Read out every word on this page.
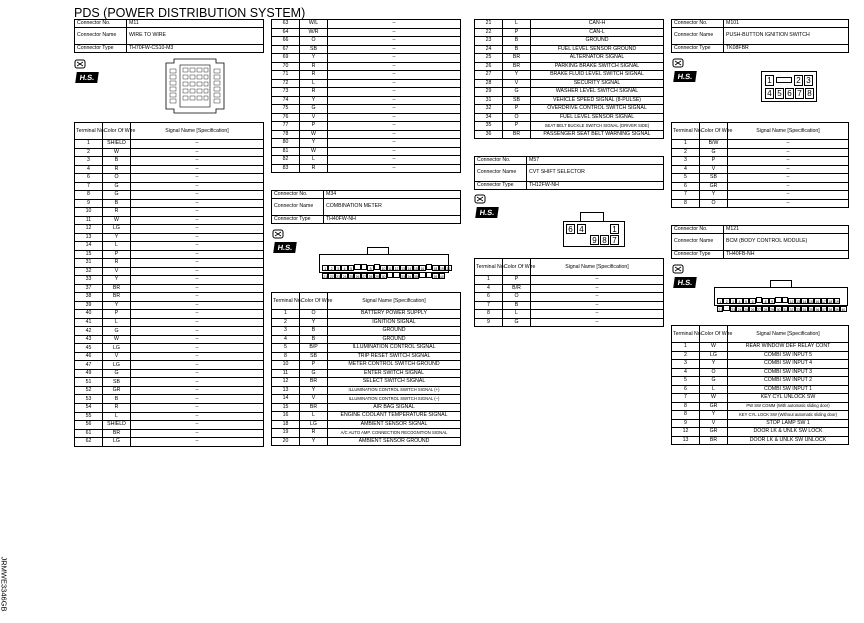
PDS (POWER DISTRIBUTION SYSTEM)
JRMWE3346GB
Connector No.	M11
Connector Name	WIRE TO WIRE
Connector Type	TH70FW-CS10-M3
H.S.
Terminal No.	Color Of Wire	Signal Name [Specification]
1	SHIELD	–
2	W	–
3	B	–
4	R	–
6	O	–
7	G	–
8	G	–
9	B	–
10	R	–
11	W	–
12	LG	–
13	Y	–
14	L	–
15	P	–
31	R	–
32	V	–
33	Y	–
37	BR	–
38	BR	–
39	Y	–
40	P	–
41	L	–
42	G	–
43	W	–
45	LG	–
46	V	–
47	LG	–
49	G	–
51	SB	–
52	GR	–
53	B	–
54	R	–
55	L	–
56	SHIELD	–
61	BR	–
62	LG	–
63	W/L	–
64	W/R	–
66	O	–
67	SB	–
69	Y	–
70	R	–
71	R	–
72	L	–
73	R	–
74	Y	–
75	G	–
76	V	–
77	P	–
78	W	–
80	Y	–
81	W	–
82	L	–
83	R	–
Connector No.	M34
Connector Name	COMBINATION METER
Connector Type	TH40FW-NH
H.S.
1 2 3 4 5	8	10 11 12 13 14 15 16	18 19 20
21 22 23 24 25 26 27 28 29 30	33 34 35	39 40
Terminal No.	Color Of Wire	Signal Name [Specification]
1	O	BATTERY POWER SUPPLY
2	Y	IGNITION SIGNAL
3	B	GROUND
4	B	GROUND
5	B/P	ILLUMINATION CONTROL SIGNAL
8	SB	TRIP RESET SWITCH SIGNAL
10	P	METER CONTROL SWITCH GROUND
11	G	ENTER SWITCH SIGNAL
12	BR	SELECT SWITCH SIGNAL
13	Y	ILLUMINATION CONTROL SWITCH SIGNAL (+)
14	V	ILLUMINATION CONTROL SWITCH SIGNAL (–)
15	BR	AIR BAG SIGNAL
16	L	ENGINE COOLANT TEMPERATURE SIGNAL
18	LG	AMBIENT SENSOR SIGNAL
19	R	A/C AUTO AMP. CONNECTION RECOGNITION SIGNAL
20	Y	AMBIENT SENSOR GROUND
21	L	CAN-H
22	P	CAN-L
23	B	GROUND
24	B	FUEL LEVEL SENSOR GROUND
25	BR	ALTERNATOR SIGNAL
26	BR	PARKING BRAKE SWITCH SIGNAL
27	Y	BRAKE FLUID LEVEL SWITCH SIGNAL
28	V	SECURITY SIGNAL
29	G	WASHER LEVEL SWITCH SIGNAL
31	SB	VEHICLE SPEED SIGNAL (8-PULSE)
32	P	OVERDRIVE CONTROL SWITCH SIGNAL
34	O	FUEL LEVEL SENSOR SIGNAL
35	P	SEAT BELT BUCKLE SWITCH SIGNAL (DRIVER SIDE)
36	BR	PASSENGER SEAT BELT WARNING SIGNAL
Connector No.	M57
Connector Name	CVT SHIFT SELECTOR
Connector Type	TH12FW-NH
H.S.
6 4	1
9 8 7
Terminal No.	Color Of Wire	Signal Name [Specification]
1	P	–
4	B/R	–
6	O	–
7	B	–
8	L	–
9	G	–
Connector No.	M101
Connector Name	PUSH-BUTTON IGNITION SWITCH
Connector Type	TK08FBR
H.S.	1	2 3
4 5 6 7 8
Terminal No.	Color Of Wire	Signal Name [Specification]
1	B/W	–
2	G	–
3	P	–
4	V	–
5	SB	–
6	GR	–
7	Y	–
8	O	–
Connector No.	M121
Connector Name	BCM (BODY CONTROL MODULE)
Connector Type	TH40FB-NH
H.S.
1 2 3 4 5 6	8 9	12 13 14 15 16 17 18 19
21	23 24 25 26 27 28 29 30 31 32 33 34 35 36 37 38 39 40
Terminal No.	Color Of Wire	Signal Name [Specification]
1	W	REAR WINDOW DEF RELAY CONT
2	LG	COMBI SW INPUT 5
3	Y	COMBI SW INPUT 4
4	O	COMBI SW INPUT 3
5	G	COMBI SW INPUT 2
6	L	COMBI SW INPUT 1
7	W	KEY CYL UNLOCK SW
8	GR	PW SW COMM (With automatic sliding door)
8	Y	KEY CYL LOCK SW (Without automatic sliding door)
9	V	STOP LAMP SW 1
12	GR	DOOR LK & UNLK SW LOCK
13	BR	DOOR LK & UNLK SW UNLOCK
